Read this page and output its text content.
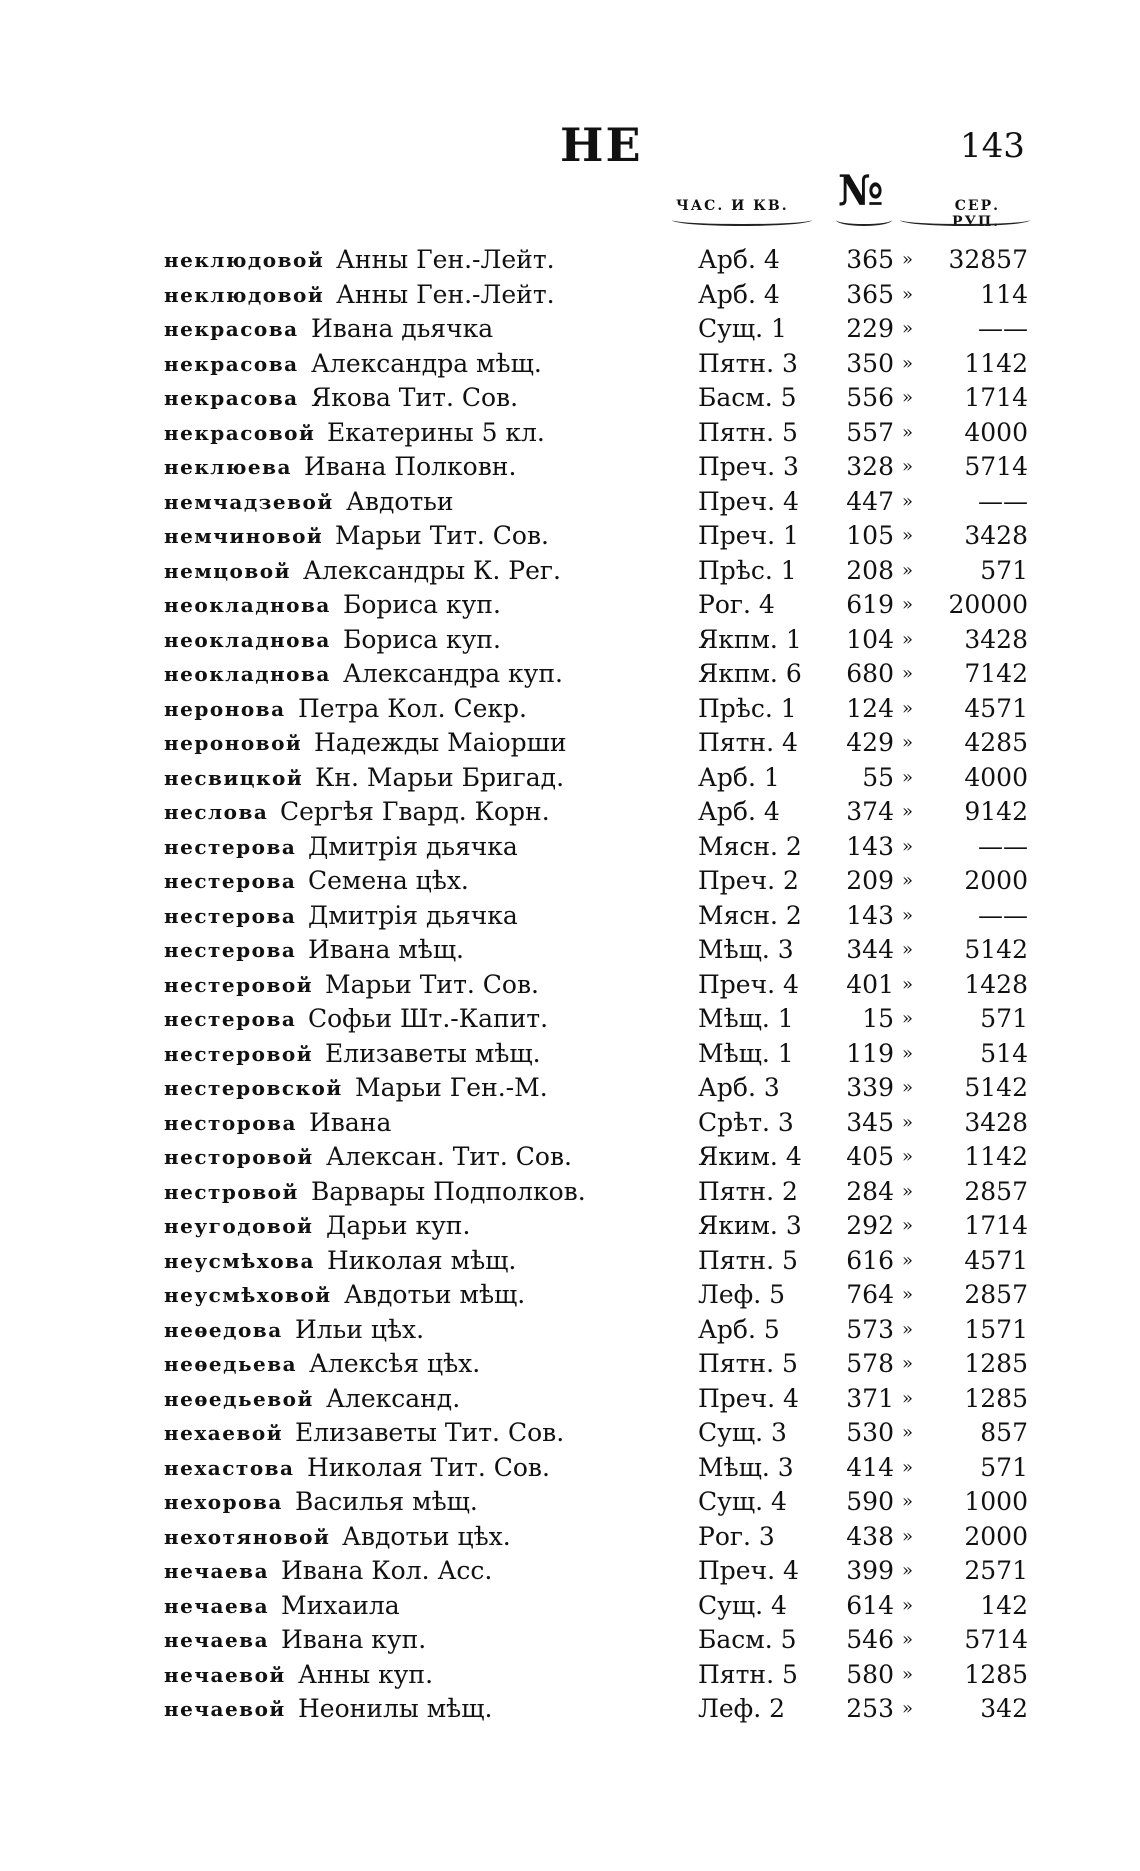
НЕ	143
ЧАС. И КВ. №	СЕР. РУП.
неклюдовой Анны Ген.-Лейт.	Арб. 4	365 »	32857
неклюдовой Анны Ген.-Лейт.	Арб. 4	365 »	114
некрасова Ивана дьячка	Сущ. 1	229 »	——
некрасова Александра мѣщ.	Пятн. 3	350 »	1142
некрасова Якова Тит. Сов.	Басм. 5	556 »	1714
некрасовой Екатерины 5 кл.	Пятн. 5	557 »	4000
неклюева Ивана Полковн.	Преч. 3	328 »	5714
немчадзевой Авдотьи	Преч. 4	447 »	——
немчиновой Марьи Тит. Сов.	Преч. 1	105 »	3428
немцовой Александры К. Рег.	Прѣс. 1	208 »	571
неокладнова Бориса куп.	Рог. 4	619 »	20000
неокладнова Бориса куп.	Якпм. 1	104 »	3428
неокладнова Александра куп.	Якпм. 6	680 »	7142
неронова Петра Кол. Секр.	Прѣс. 1	124 »	4571
нероновой Надежды Маіорши	Пятн. 4	429 »	4285
несвицкой Кн. Марьи Бригад.	Арб. 1	55 »	4000
неслова Сергѣя Гвард. Корн.	Арб. 4	374 »	9142
нестерова Дмитрія дьячка	Мясн. 2	143 »	——
нестерова Семена цѣх.	Преч. 2	209 »	2000
нестерова Дмитрія дьячка	Мясн. 2	143 »	——
нестерова Ивана мѣщ.	Мѣщ. 3	344 »	5142
нестеровой Марьи Тит. Сов.	Преч. 4	401 »	1428
нестерова Софьи Шт.-Капит.	Мѣщ. 1	15 »	571
нестеровой Елизаветы мѣщ.	Мѣщ. 1	119 »	514
нестеровской Марьи Ген.-М.	Арб. 3	339 »	5142
несторова Ивана	Срѣт. 3	345 »	3428
несторовой Алексан. Тит. Сов.	Яким. 4	405 »	1142
нестровой Варвары Подполков.	Пятн. 2	284 »	2857
неугодовой Дарьи куп.	Яким. 3	292 »	1714
неусмѣхова Николая мѣщ.	Пятн. 5	616 »	4571
неусмѣховой Авдотьи мѣщ.	Леф. 5	764 »	2857
неѳедова Ильи цѣх.	Арб. 5	573 »	1571
неѳедьева Алексѣя цѣх.	Пятн. 5	578 »	1285
неѳедьевой Александ.	Преч. 4	371 »	1285
нехаевой Елизаветы Тит. Сов.	Сущ. 3	530 »	857
нехастова Николая Тит. Сов.	Мѣщ. 3	414 »	571
нехорова Василья мѣщ.	Сущ. 4	590 »	1000
нехотяновой Авдотьи цѣх.	Рог. 3	438 »	2000
нечаева Ивана Кол. Асс.	Преч. 4	399 »	2571
нечаева Михаила	Сущ. 4	614 »	142
нечаева Ивана куп.	Басм. 5	546 »	5714
нечаевой Анны куп.	Пятн. 5	580 »	1285
нечаевой Неонилы мѣщ.	Леф. 2	253 »	342
